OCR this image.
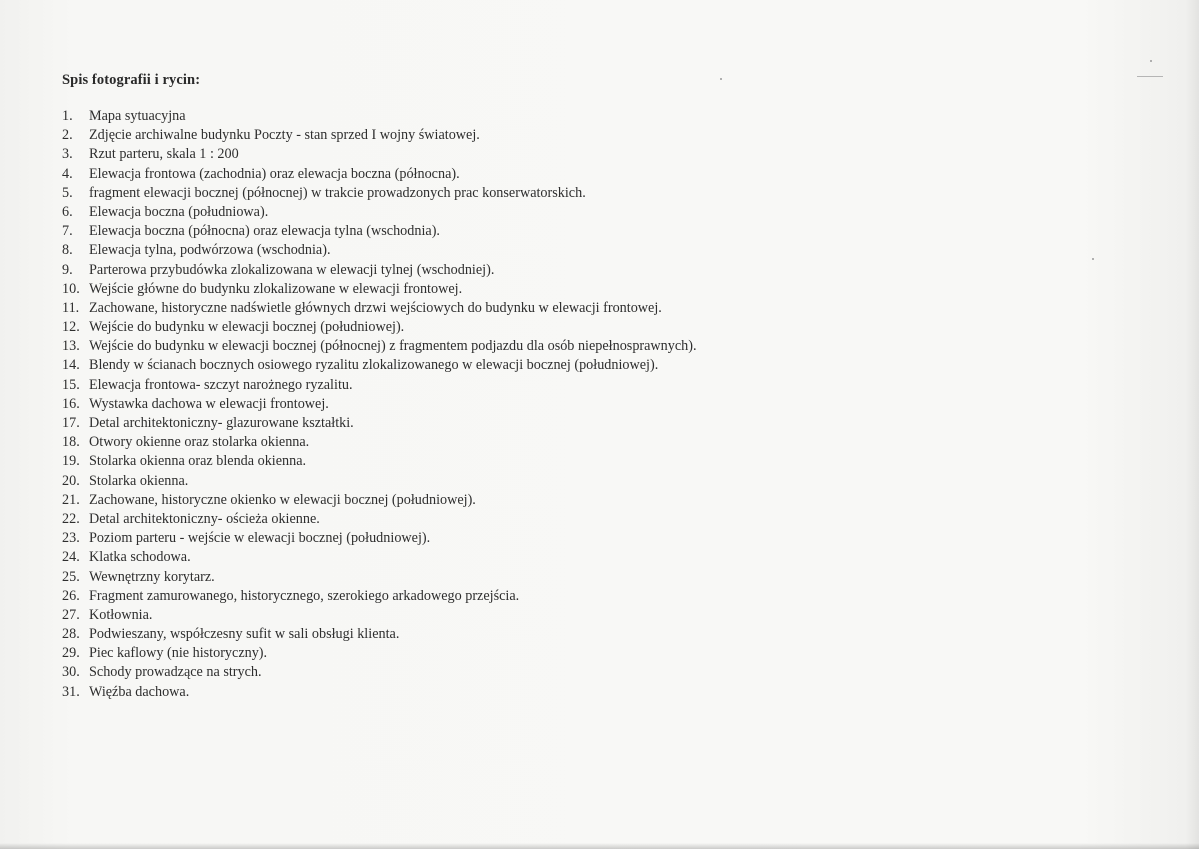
Spis fotografii i rycin:
1. Mapa sytuacyjna
2. Zdjęcie archiwalne budynku Poczty - stan sprzed I wojny światowej.
3. Rzut parteru, skala 1 : 200
4. Elewacja frontowa (zachodnia) oraz elewacja boczna (północna).
5. fragment elewacji bocznej (północnej) w trakcie prowadzonych prac konserwatorskich.
6. Elewacja boczna (południowa).
7. Elewacja boczna (północna) oraz elewacja tylna (wschodnia).
8. Elewacja tylna, podwórzowa (wschodnia).
9. Parterowa przybudówka zlokalizowana w elewacji tylnej (wschodniej).
10. Wejście główne do budynku zlokalizowane w elewacji frontowej.
11. Zachowane, historyczne nadświetle głównych drzwi wejściowych do budynku w elewacji frontowej.
12. Wejście do budynku w elewacji bocznej (południowej).
13. Wejście do budynku w elewacji bocznej (północnej) z fragmentem podjazdu dla osób niepełnosprawnych).
14. Blendy w ścianach bocznych osiowego ryzalitu zlokalizowanego w elewacji bocznej (południowej).
15. Elewacja frontowa- szczyt narożnego ryzalitu.
16. Wystawka dachowa w elewacji frontowej.
17. Detal architektoniczny- glazurowane kształtki.
18. Otwory okienne oraz stolarka okienna.
19. Stolarka okienna oraz blenda okienna.
20. Stolarka okienna.
21. Zachowane, historyczne okienko w elewacji bocznej (południowej).
22. Detal architektoniczny- ościeża okienne.
23. Poziom parteru - wejście w elewacji bocznej (południowej).
24. Klatka schodowa.
25. Wewnętrzny korytarz.
26. Fragment zamurowanego, historycznego, szerokiego arkadowego przejścia.
27. Kotłownia.
28. Podwieszany, współczesny sufit w sali obsługi klienta.
29. Piec kaflowy (nie historyczny).
30. Schody prowadzące na strych.
31. Więźba dachowa.
